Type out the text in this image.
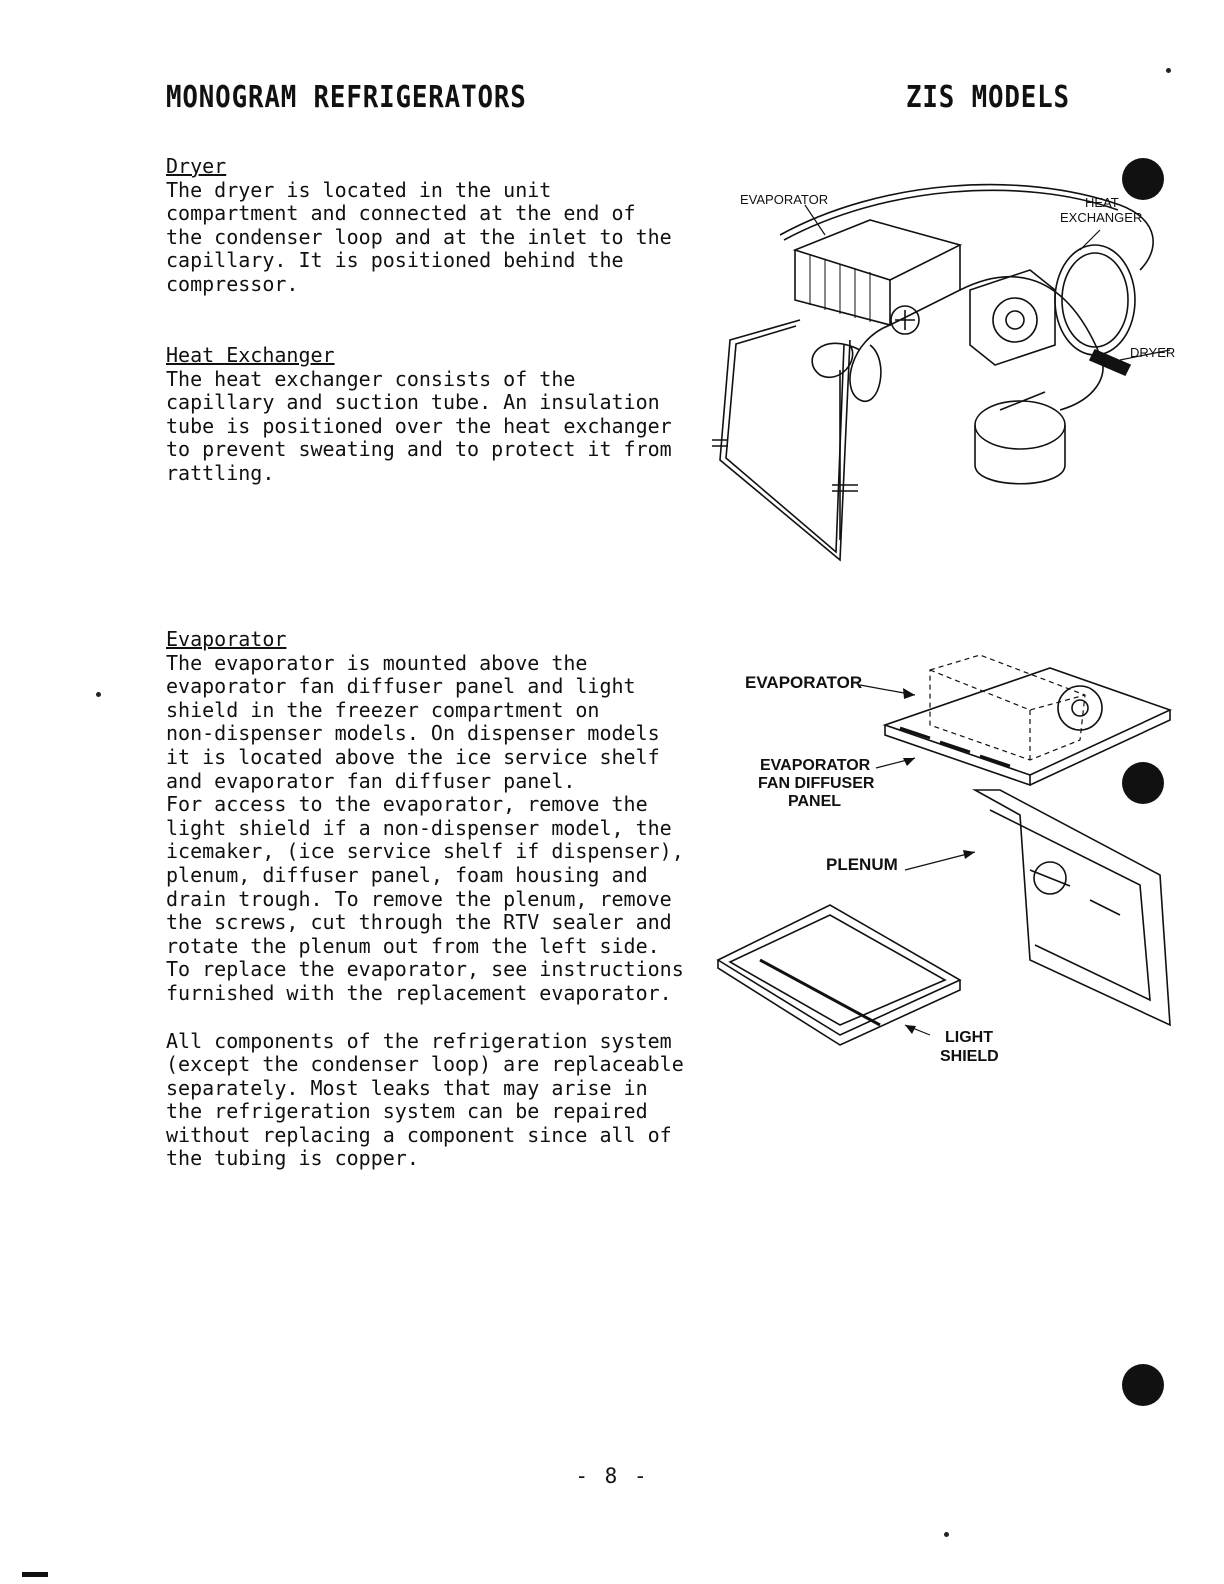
MONOGRAM REFRIGERATORS	ZIS MODELS
Dryer

The dryer is located in the unit
compartment and connected at the end of
the condenser loop and at the inlet to the
capillary. It is positioned behind the
compressor.

Heat Exchanger

The heat exchanger consists of the
capillary and suction tube. An insulation
tube is positioned over the heat exchanger
to prevent sweating and to protect it from
rattling.

Evaporator

The evaporator is mounted above the
evaporator fan diffuser panel and light
shield in the freezer compartment on
non-dispenser models. On dispenser models
it is located above the ice service shelf
and evaporator fan diffuser panel.
For access to the evaporator, remove the
light shield if a non-dispenser model, the
icemaker, (ice service shelf if dispenser),
plenum, diffuser panel, foam housing and
drain trough. To remove the plenum, remove
the screws, cut through the RTV sealer and
rotate the plenum out from the left side.
To replace the evaporator, see instructions
furnished with the replacement evaporator.

All components of the refrigeration system
(except the condenser loop) are replaceable
separately. Most leaks that may arise in
the refrigeration system can be repaired
without replacing a component since all of
the tubing is copper.

EVAPORATOR	HEAT
EXCHANGER
DRYER
EVAPORATOR
EVAPORATOR
FAN DIFFUSER
PANEL
PLENUM
LIGHT
SHIELD
- 8 -
